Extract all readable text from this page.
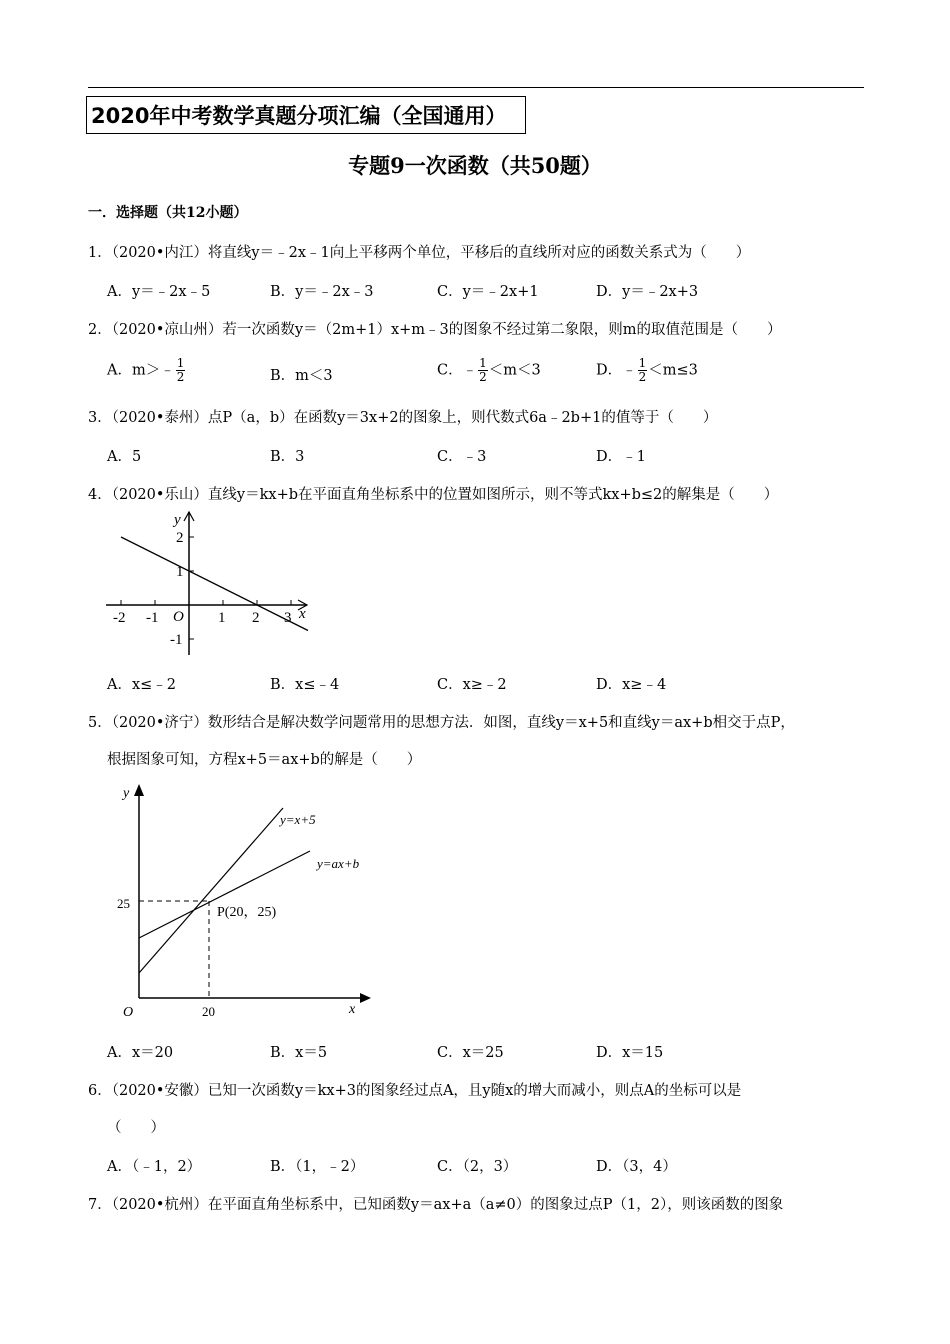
2020年中考数学真题分项汇编（全国通用）
专题9一次函数（共50题）
一．选择题（共12小题）
1．（2020•内江）将直线y＝﹣2x﹣1向上平移两个单位，平移后的直线所对应的函数关系式为（　　）
A．y＝﹣2x﹣5	B．y＝﹣2x﹣3	C．y＝﹣2x+1	D．y＝﹣2x+3
2．（2020•凉山州）若一次函数y＝（2m+1）x+m﹣3的图象不经过第二象限，则m的取值范围是（　　）
A．m＞﹣ $\frac{1}{2}$	B．m＜3	C．﹣ $\frac{1}{2} <m<3$	D．﹣ $\frac{1}{2} <m\le 3$
3．（2020•泰州）点P（a，b）在函数y＝3x+2的图象上，则代数式6a﹣2b+1的值等于（　　）
A．5	B．3	C．﹣3	D．﹣1
4．（2020•乐山）直线y＝kx+b在平面直角坐标系中的位置如图所示，则不等式kx+b≤2的解集是（　　）
y
x
O
-2 -1	1 2 3
2
1
-1
A．x≤﹣2	B．x≤﹣4	C．x≥﹣2	D．x≥﹣4
5．（2020•济宁）数形结合是解决数学问题常用的思想方法．如图，直线y＝x+5和直线y＝ax+b相交于点P，
根据图象可知，方程x+5＝ax+b的解是（　　）
y
x
O
25
20
y=x+5
y=ax+b
P(20，25)
A．x＝20	B．x＝5	C．x＝25	D．x＝15
6．（2020•安徽）已知一次函数y＝kx+3的图象经过点A，且y随x的增大而减小，则点A的坐标可以是
（　　）
A．（﹣1，2）	B．（1，﹣2）	C．（2，3）	D．（3，4）
7．（2020•杭州）在平面直角坐标系中，已知函数y＝ax+a（a≠0）的图象过点P（1，2），则该函数的图象
